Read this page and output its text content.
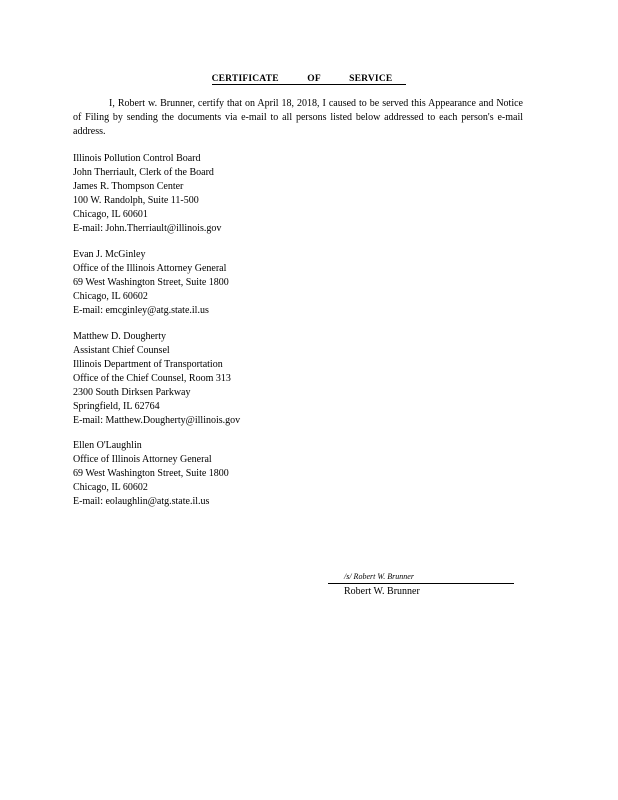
CERTIFICATE OF SERVICE

I, Robert w. Brunner, certify that on April 18, 2018, I caused to be served this Appearance and Notice of Filing by sending the documents via e-mail to all persons listed below addressed to each person's e-mail address.

Illinois Pollution Control Board
John Therriault, Clerk of the Board
James R. Thompson Center
100 W. Randolph, Suite 11-500
Chicago, IL 60601
E-mail: John.Therriault@illinois.gov
Evan J. McGinley
Office of the Illinois Attorney General
69 West Washington Street, Suite 1800
Chicago, IL 60602
E-mail: emcginley@atg.state.il.us
Matthew D. Dougherty
Assistant Chief Counsel
Illinois Department of Transportation
Office of the Chief Counsel, Room 313
2300 South Dirksen Parkway
Springfield, IL 62764
E-mail: Matthew.Dougherty@illinois.gov
Ellen O'Laughlin
Office of Illinois Attorney General
69 West Washington Street, Suite 1800
Chicago, IL 60602
E-mail: eolaughlin@atg.state.il.us
/s/ Robert W. Brunner
Robert W. Brunner
